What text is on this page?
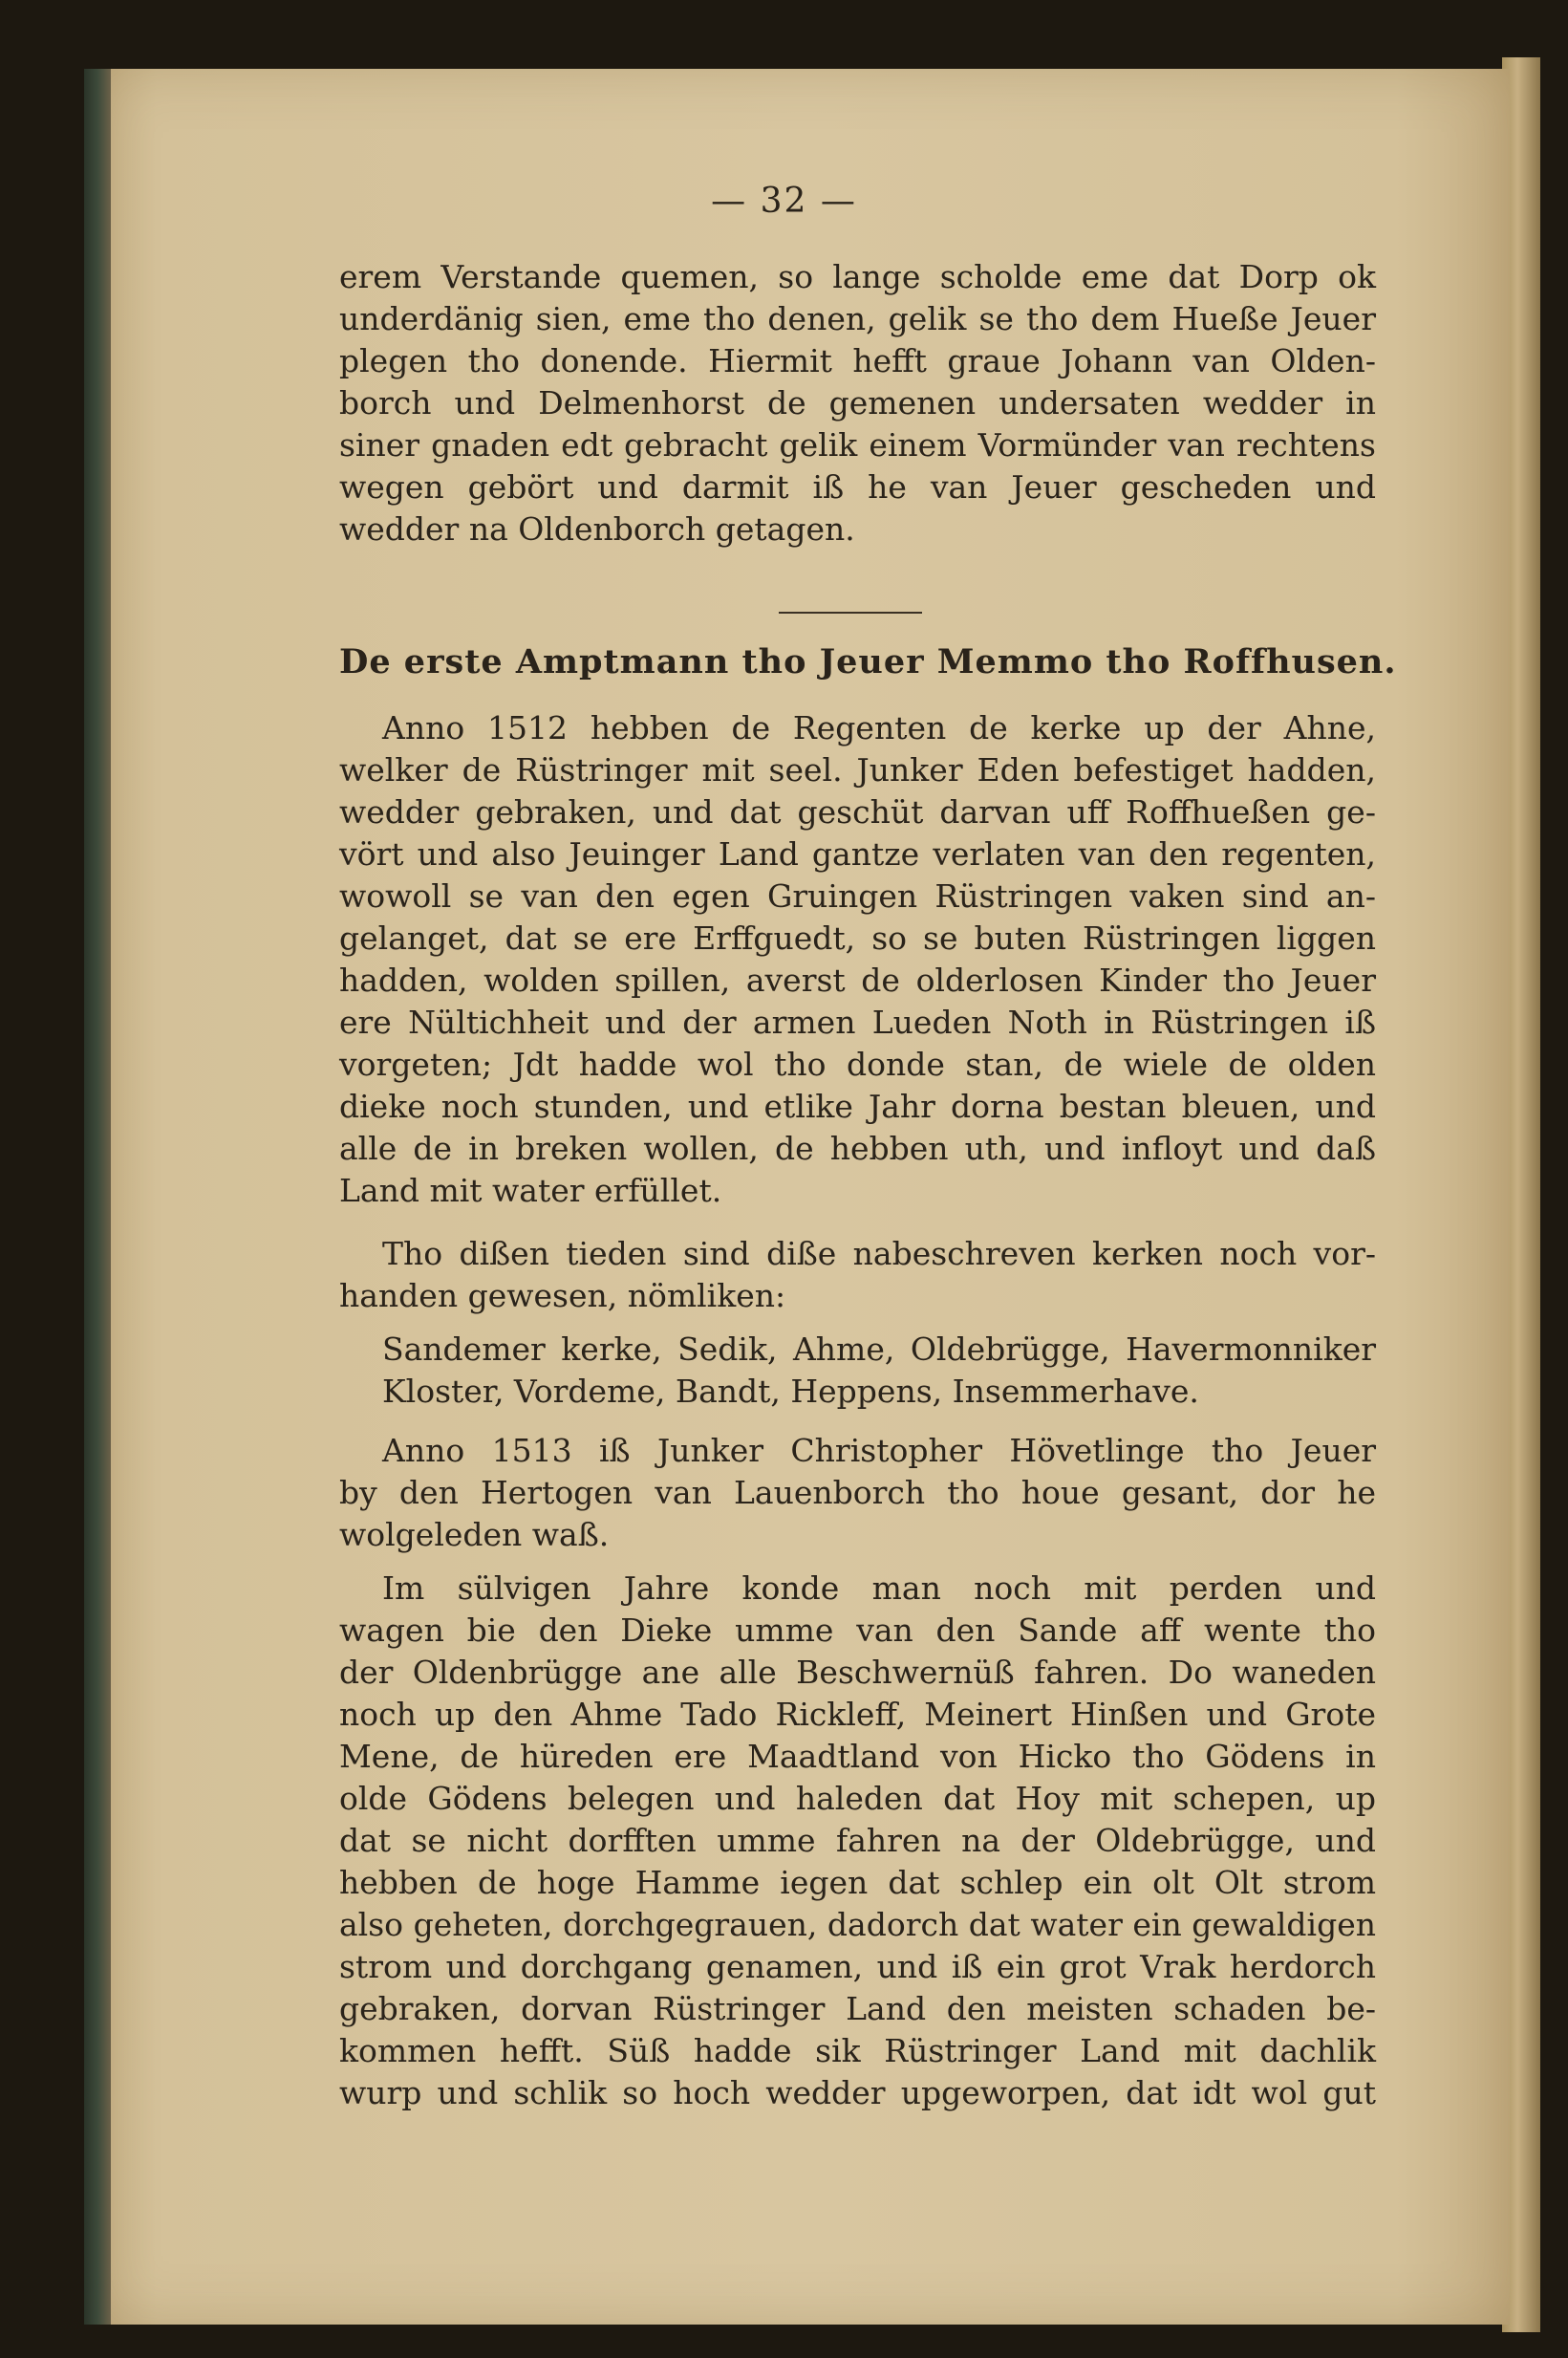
— 32 —
erem Verstande quemen, so lange scholde eme dat Dorp ok
underdänig sien, eme tho denen, gelik se tho dem Hueße Jeuer
plegen tho donende. Hiermit hefft graue Johann van Olden-
borch und Delmenhorst de gemenen undersaten wedder in
siner gnaden edt gebracht gelik einem Vormünder van rechtens
wegen gebört und darmit iß he van Jeuer gescheden und
wedder na Oldenborch getagen.
De erste Amptmann tho Jeuer Memmo tho Roffhusen.
Anno 1512 hebben de Regenten de kerke up der Ahne,
welker de Rüstringer mit seel. Junker Eden befestiget hadden,
wedder gebraken, und dat geschüt darvan uff Roffhueßen ge-
vört und also Jeuinger Land gantze verlaten van den regenten,
wowoll se van den egen Gruingen Rüstringen vaken sind an-
gelanget, dat se ere Erffguedt, so se buten Rüstringen liggen
hadden, wolden spillen, averst de olderlosen Kinder tho Jeuer
ere Nültichheit und der armen Lueden Noth in Rüstringen iß
vorgeten; Jdt hadde wol tho donde stan, de wiele de olden
dieke noch stunden, und etlike Jahr dorna bestan bleuen, und
alle de in breken wollen, de hebben uth, und infloyt und daß
Land mit water erfüllet.
Tho dißen tieden sind diße nabeschreven kerken noch vor-
handen gewesen, nömliken:
Sandemer kerke, Sedik, Ahme, Oldebrügge, Havermonniker
Kloster, Vordeme, Bandt, Heppens, Insemmerhave.
Anno 1513 iß Junker Christopher Hövetlinge tho Jeuer
by den Hertogen van Lauenborch tho houe gesant, dor he
wolgeleden waß.
Im sülvigen Jahre konde man noch mit perden und
wagen bie den Dieke umme van den Sande aff wente tho
der Oldenbrügge ane alle Beschwernüß fahren. Do waneden
noch up den Ahme Tado Rickleff, Meinert Hinßen und Grote
Mene, de hüreden ere Maadtland von Hicko tho Gödens in
olde Gödens belegen und haleden dat Hoy mit schepen, up
dat se nicht dorfften umme fahren na der Oldebrügge, und
hebben de hoge Hamme iegen dat schlep ein olt Olt strom
also geheten, dorchgegrauen, dadorch dat water ein gewaldigen
strom und dorchgang genamen, und iß ein grot Vrak herdorch
gebraken, dorvan Rüstringer Land den meisten schaden be-
kommen hefft. Süß hadde sik Rüstringer Land mit dachlik
wurp und schlik so hoch wedder upgeworpen, dat idt wol gut
